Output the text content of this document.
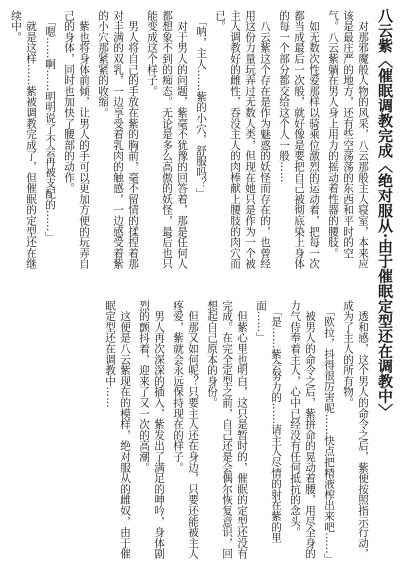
八云紫〈催眠调教完成〈绝对服从·由于催眠定型还在调教中〉

　对那邪魔般人物的风采，八云那般主人寝室，本来应该是最庄严的地方，还有些空荡荡的东西和平时的空气。八云紫躺在男人身上用力的摇动着性器的腰肢。

　如无数次性爱那样以骑乘位激烈的运动着，把每一次都当成最后一次般，就好像是要把自己被彻底染上身体的每一个部分都交给这个人一般……

　八云紫这个存在是作为魅惑的妖怪而存在的，也曾经用这份力量玩弄过无数人类，但现在她只是作为一个被主人调教好的雌性，吞没主人的肉棒献上腰肢的肉穴而已。

　「呐，主人……紫的小穴，舒服吗？」

　对于男人的问题，紫毫不犹豫的回答着，那是任何人都想象不到的痴态。无论是多么高傲的妖怪，最后也只能变成这个样子。

　男人将自己的手放在紫的胸前，毫不留情的揉捏着那对丰满的双乳，一边享受着乳肉的触感，一边感受着紫的小穴那紧紧的收缩。

　紫也将身体前倾，让男人的手可以更加方便的玩弄自己的身体，同时也加快了腰部的动作。

　「嗯……啊……明明说了不会再被支配的……」

　就是这样……紫被调教完成了，但催眠的定型还在继续中。

　透和感，这个男人的命令之后，紫便按照指示行动，成为了主人的所有物。

　「欧拉，抖得很厉害呢……快点把精液榨出来吧……」

　被男人的命令之后，紫拼命的晃动着腰，用尽全身的力气侍奉着主人，心中已经没有任何抵抗的念头。

　「是……紫会努力的……请主人尽情的射在紫的里面……」

　但紫心里也明白，这只是暂时的，催眠的定型还没有完成。在完全定型之前，自己还是会偶尔恢复意识，回想起自己原本的身份。

　但那又如何呢？只要主人还在身边，只要还能被主人疼爱，紫就会永远保持现在的样子。

　男人再次深深的插入，紫发出了满足的呻吟，身体剧烈的颤抖着，迎来了又一次的高潮。

　这便是八云紫现在的模样，绝对服从的雌奴，由于催眠定型还在调教中……
